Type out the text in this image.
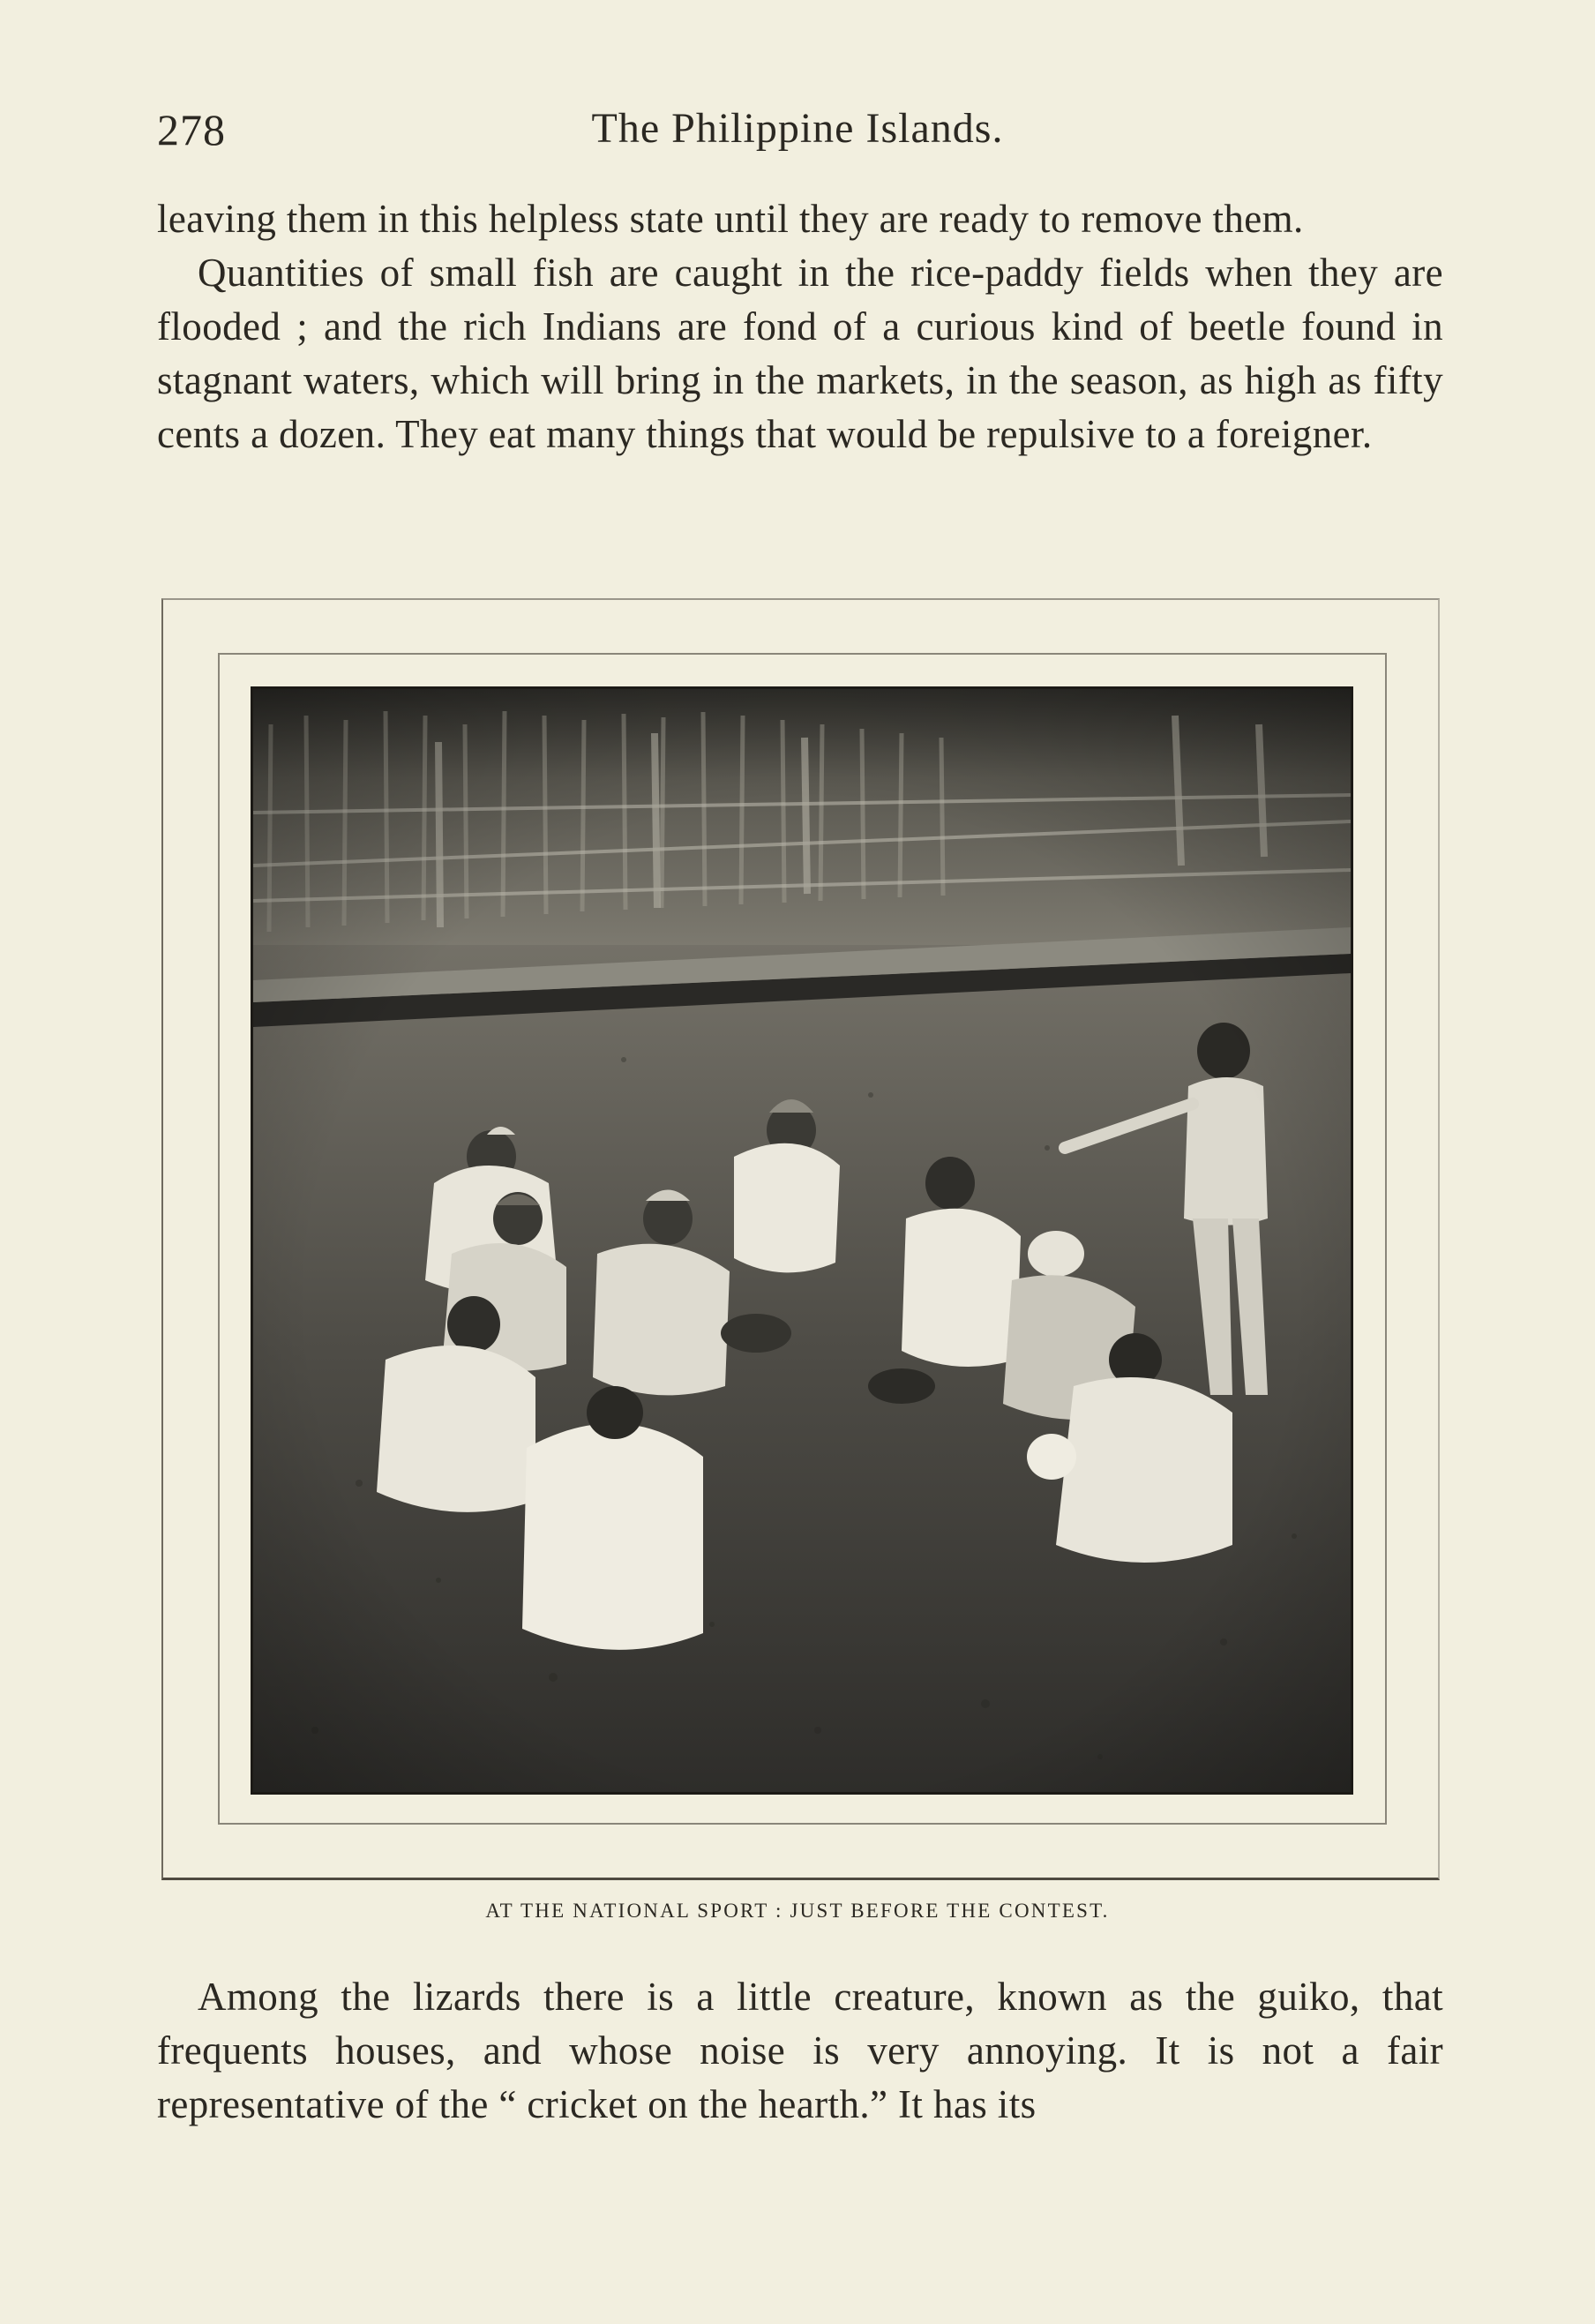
278	The Philippine Islands.

leaving them in this helpless state until they are ready to remove them.

Quantities of small fish are caught in the rice-paddy fields when they are flooded ; and the rich Indians are fond of a curious kind of beetle found in stagnant waters, which will bring in the markets, in the season, as high as fifty cents a dozen. They eat many things that would be repulsive to a foreigner.

AT THE NATIONAL SPORT : JUST BEFORE THE CONTEST.

Among the lizards there is a little creature, known as the guiko, that frequents houses, and whose noise is very annoying. It is not a fair representative of the “ cricket on the hearth.” It has its
